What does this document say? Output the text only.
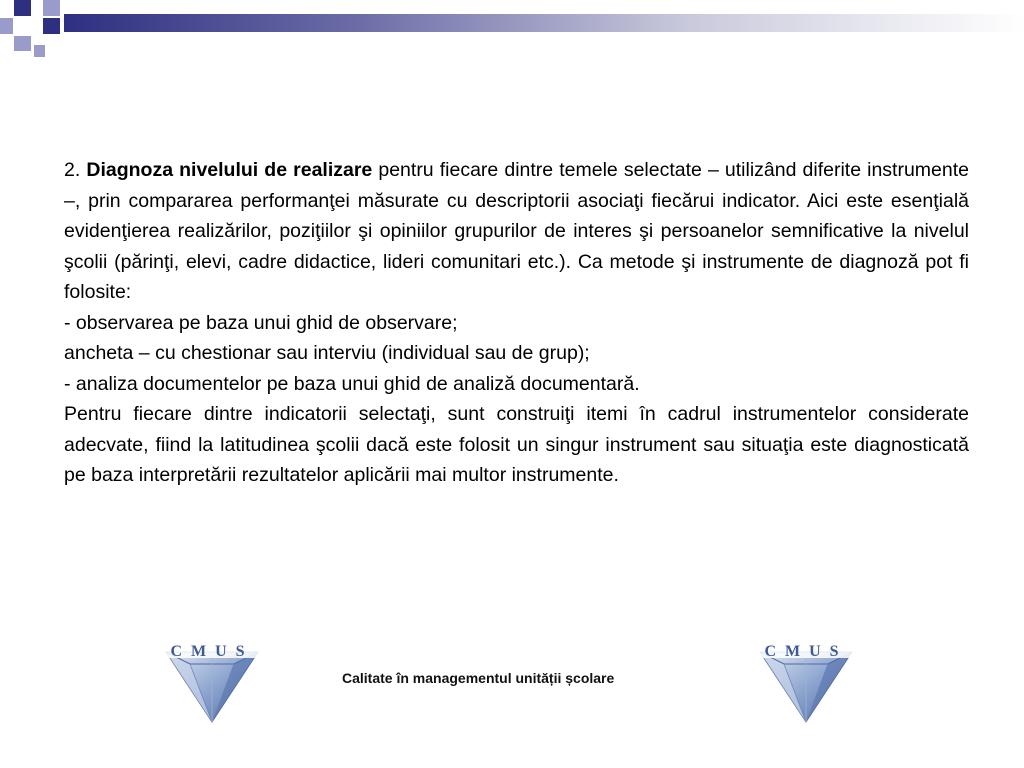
2. Diagnoza nivelului de realizare pentru fiecare dintre temele selectate – utilizând diferite instrumente –, prin compararea performanţei măsurate cu descriptorii asociaţi fiecărui indicator. Aici este esenţială evidenţierea realizărilor, poziţiilor şi opiniilor grupurilor de interes şi persoanelor semnificative la nivelul şcolii (părinţi, elevi, cadre didactice, lideri comunitari etc.). Ca metode şi instrumente de diagnoză pot fi folosite:

- observarea pe baza unui ghid de observare;

ancheta – cu chestionar sau interviu (individual sau de grup);

- analiza documentelor pe baza unui ghid de analiză documentară.

Pentru fiecare dintre indicatorii selectaţi, sunt construiţi itemi în cadrul instrumentelor considerate adecvate, fiind la latitudinea şcolii dacă este folosit un singur instrument sau situaţia este diagnosticată pe baza interpretării rezultatelor aplicării mai multor instrumente.

CMUS
Calitate în managementul unității școlare
CMUS
